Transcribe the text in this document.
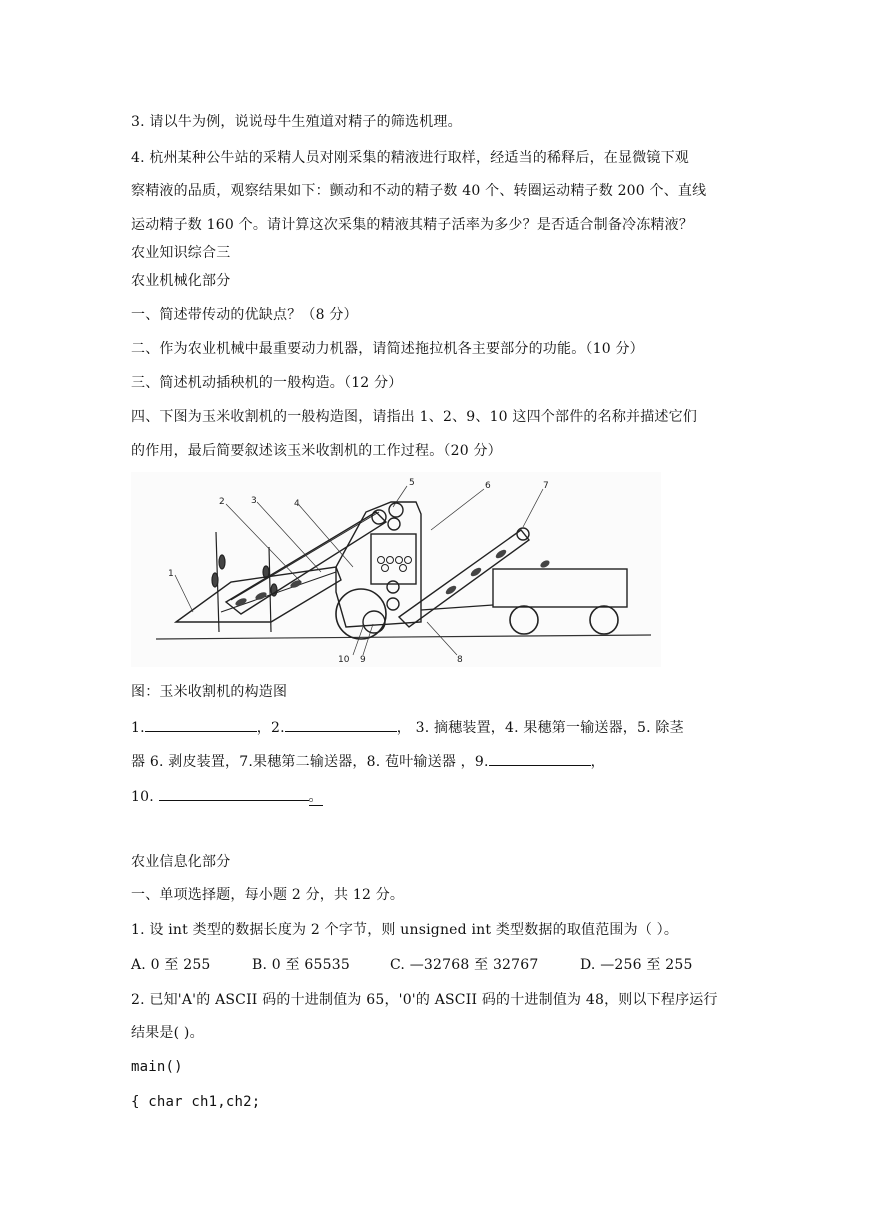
3. 请以牛为例，说说母牛生殖道对精子的筛选机理。
4. 杭州某种公牛站的采精人员对刚采集的精液进行取样，经适当的稀释后，在显微镜下观
察精液的品质，观察结果如下：颤动和不动的精子数 40 个、转圈运动精子数 200 个、直线
运动精子数 160 个。请计算这次采集的精液其精子活率为多少？是否适合制备冷冻精液？
农业知识综合三
农业机械化部分
一、简述带传动的优缺点？（8 分）
二、作为农业机械中最重要动力机器，请简述拖拉机各主要部分的功能。（10 分）
三、简述机动插秧机的一般构造。（12 分）
四、下图为玉米收割机的一般构造图，请指出 1、2、9、10 这四个部件的名称并描述它们
的作用，最后简要叙述该玉米收割机的工作过程。（20 分）
1
2	3	4
5	6	7
8
9
10
图：玉米收割机的构造图
1.	，2.	， 3. 摘穗装置，4. 果穗第一输送器，5. 除茎
器 6. 剥皮装置，7.果穗第二输送器，8. 苞叶输送器 ，9.	，
10.	。
农业信息化部分
一、单项选择题，每小题 2 分，共 12 分。
1. 设 int 类型的数据长度为 2 个字节，则 unsigned int 类型数据的取值范围为（ ）。
A. 0 至 255	B. 0 至 65535	C. —32768 至 32767	D. —256 至 255
2. 已知'A'的 ASCII 码的十进制值为 65，'0'的 ASCII 码的十进制值为 48，则以下程序运行
结果是( )。
main()
{ char ch1,ch2;
